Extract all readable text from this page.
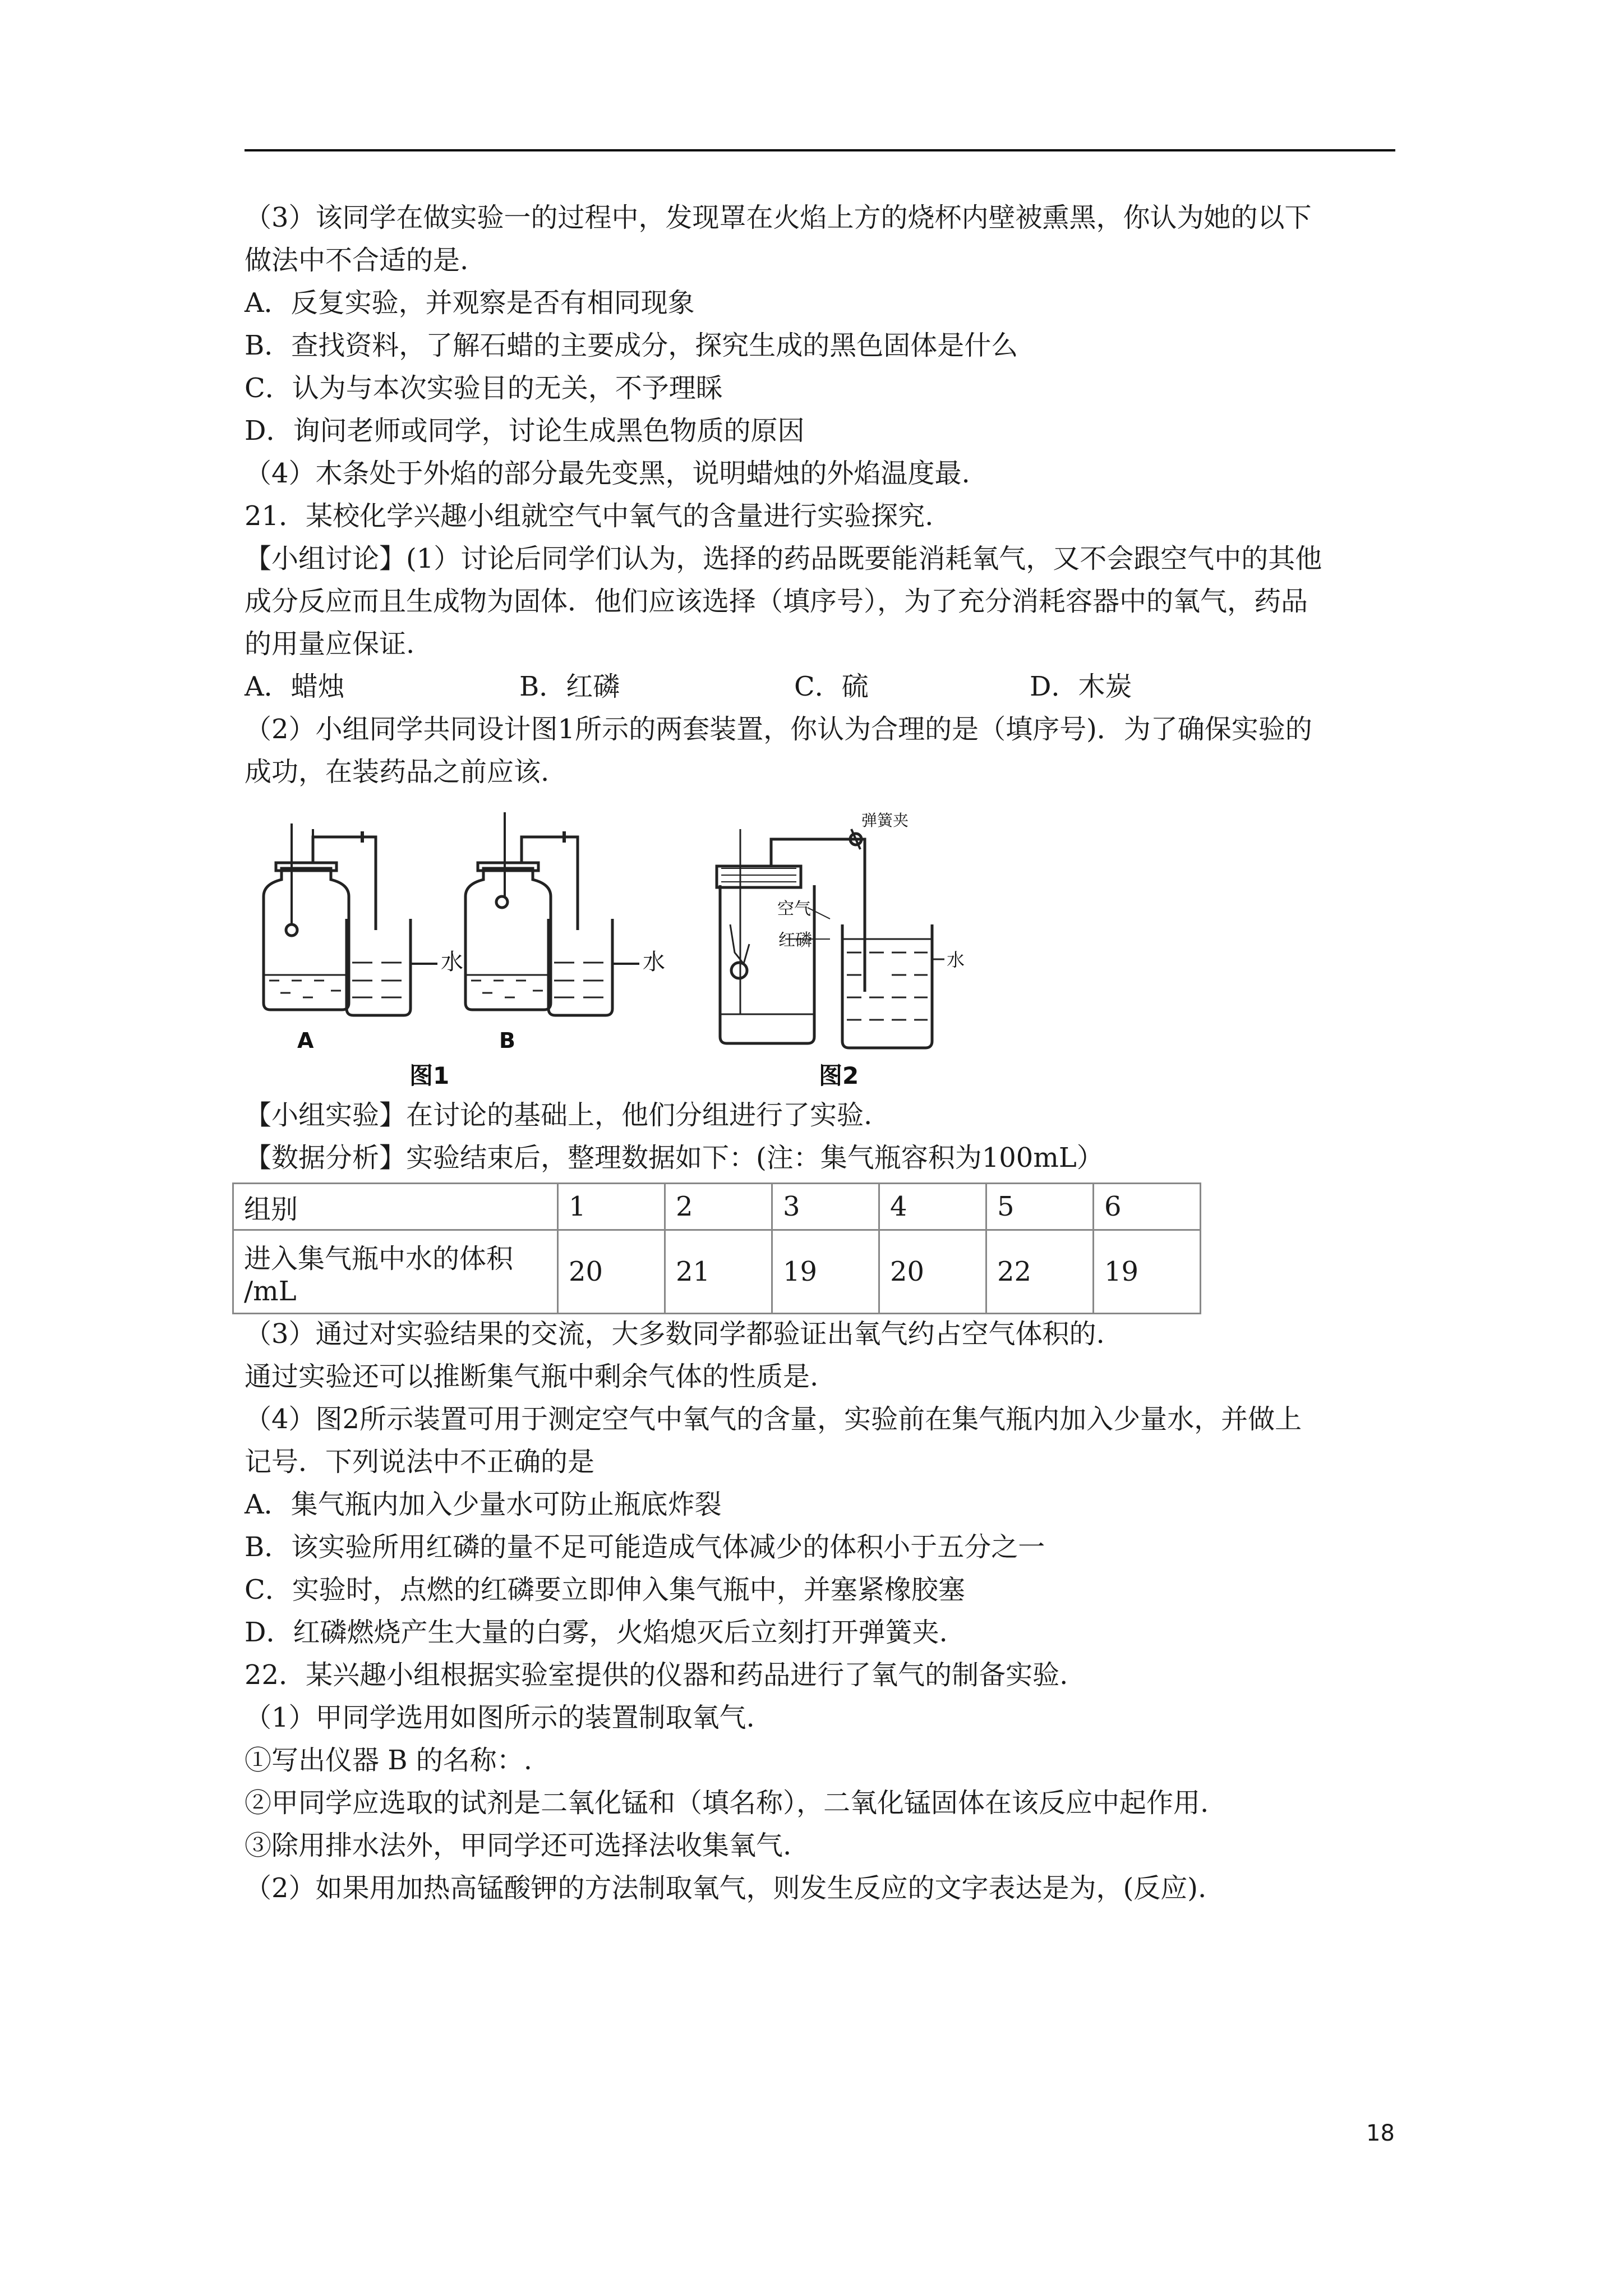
（3）该同学在做实验一的过程中，发现罩在火焰上方的烧杯内壁被熏黑，你认为她的以下
做法中不合适的是.
A．反复实验，并观察是否有相同现象
B．查找资料，了解石蜡的主要成分，探究生成的黑色固体是什么
C．认为与本次实验目的无关，不予理睬
D．询问老师或同学，讨论生成黑色物质的原因
（4）木条处于外焰的部分最先变黑，说明蜡烛的外焰温度最.
21．某校化学兴趣小组就空气中氧气的含量进行实验探究.
【小组讨论】(1）讨论后同学们认为，选择的药品既要能消耗氧气，又不会跟空气中的其他
成分反应而且生成物为固体．他们应该选择（填序号），为了充分消耗容器中的氧气，药品
的用量应保证.
A．蜡烛	B．红磷	C．硫	D．木炭
（2）小组同学共同设计图1所示的两套装置，你认为合理的是（填序号)．为了确保实验的
成功，在装药品之前应该.
水	水	水
A	B
弹簧夹
空气
红磷
图1	图2
【小组实验】在讨论的基础上，他们分组进行了实验.
【数据分析】实验结束后，整理数据如下：(注：集气瓶容积为100mL）
组别	1	2	3	4	5	6

进入集气瓶中水的体积
/mL	20	21	19	20	22	19
（3）通过对实验结果的交流，大多数同学都验证出氧气约占空气体积的.
通过实验还可以推断集气瓶中剩余气体的性质是.
（4）图2所示装置可用于测定空气中氧气的含量，实验前在集气瓶内加入少量水，并做上
记号．下列说法中不正确的是
A．集气瓶内加入少量水可防止瓶底炸裂
B．该实验所用红磷的量不足可能造成气体减少的体积小于五分之一
C．实验时，点燃的红磷要立即伸入集气瓶中，并塞紧橡胶塞
D．红磷燃烧产生大量的白雾，火焰熄灭后立刻打开弹簧夹.
22．某兴趣小组根据实验室提供的仪器和药品进行了氧气的制备实验.
（1）甲同学选用如图所示的装置制取氧气.
①写出仪器 B 的名称：.
②甲同学应选取的试剂是二氧化锰和（填名称），二氧化锰固体在该反应中起作用.
③除用排水法外，甲同学还可选择法收集氧气.
（2）如果用加热高锰酸钾的方法制取氧气，则发生反应的文字表达是为，(反应).
18
